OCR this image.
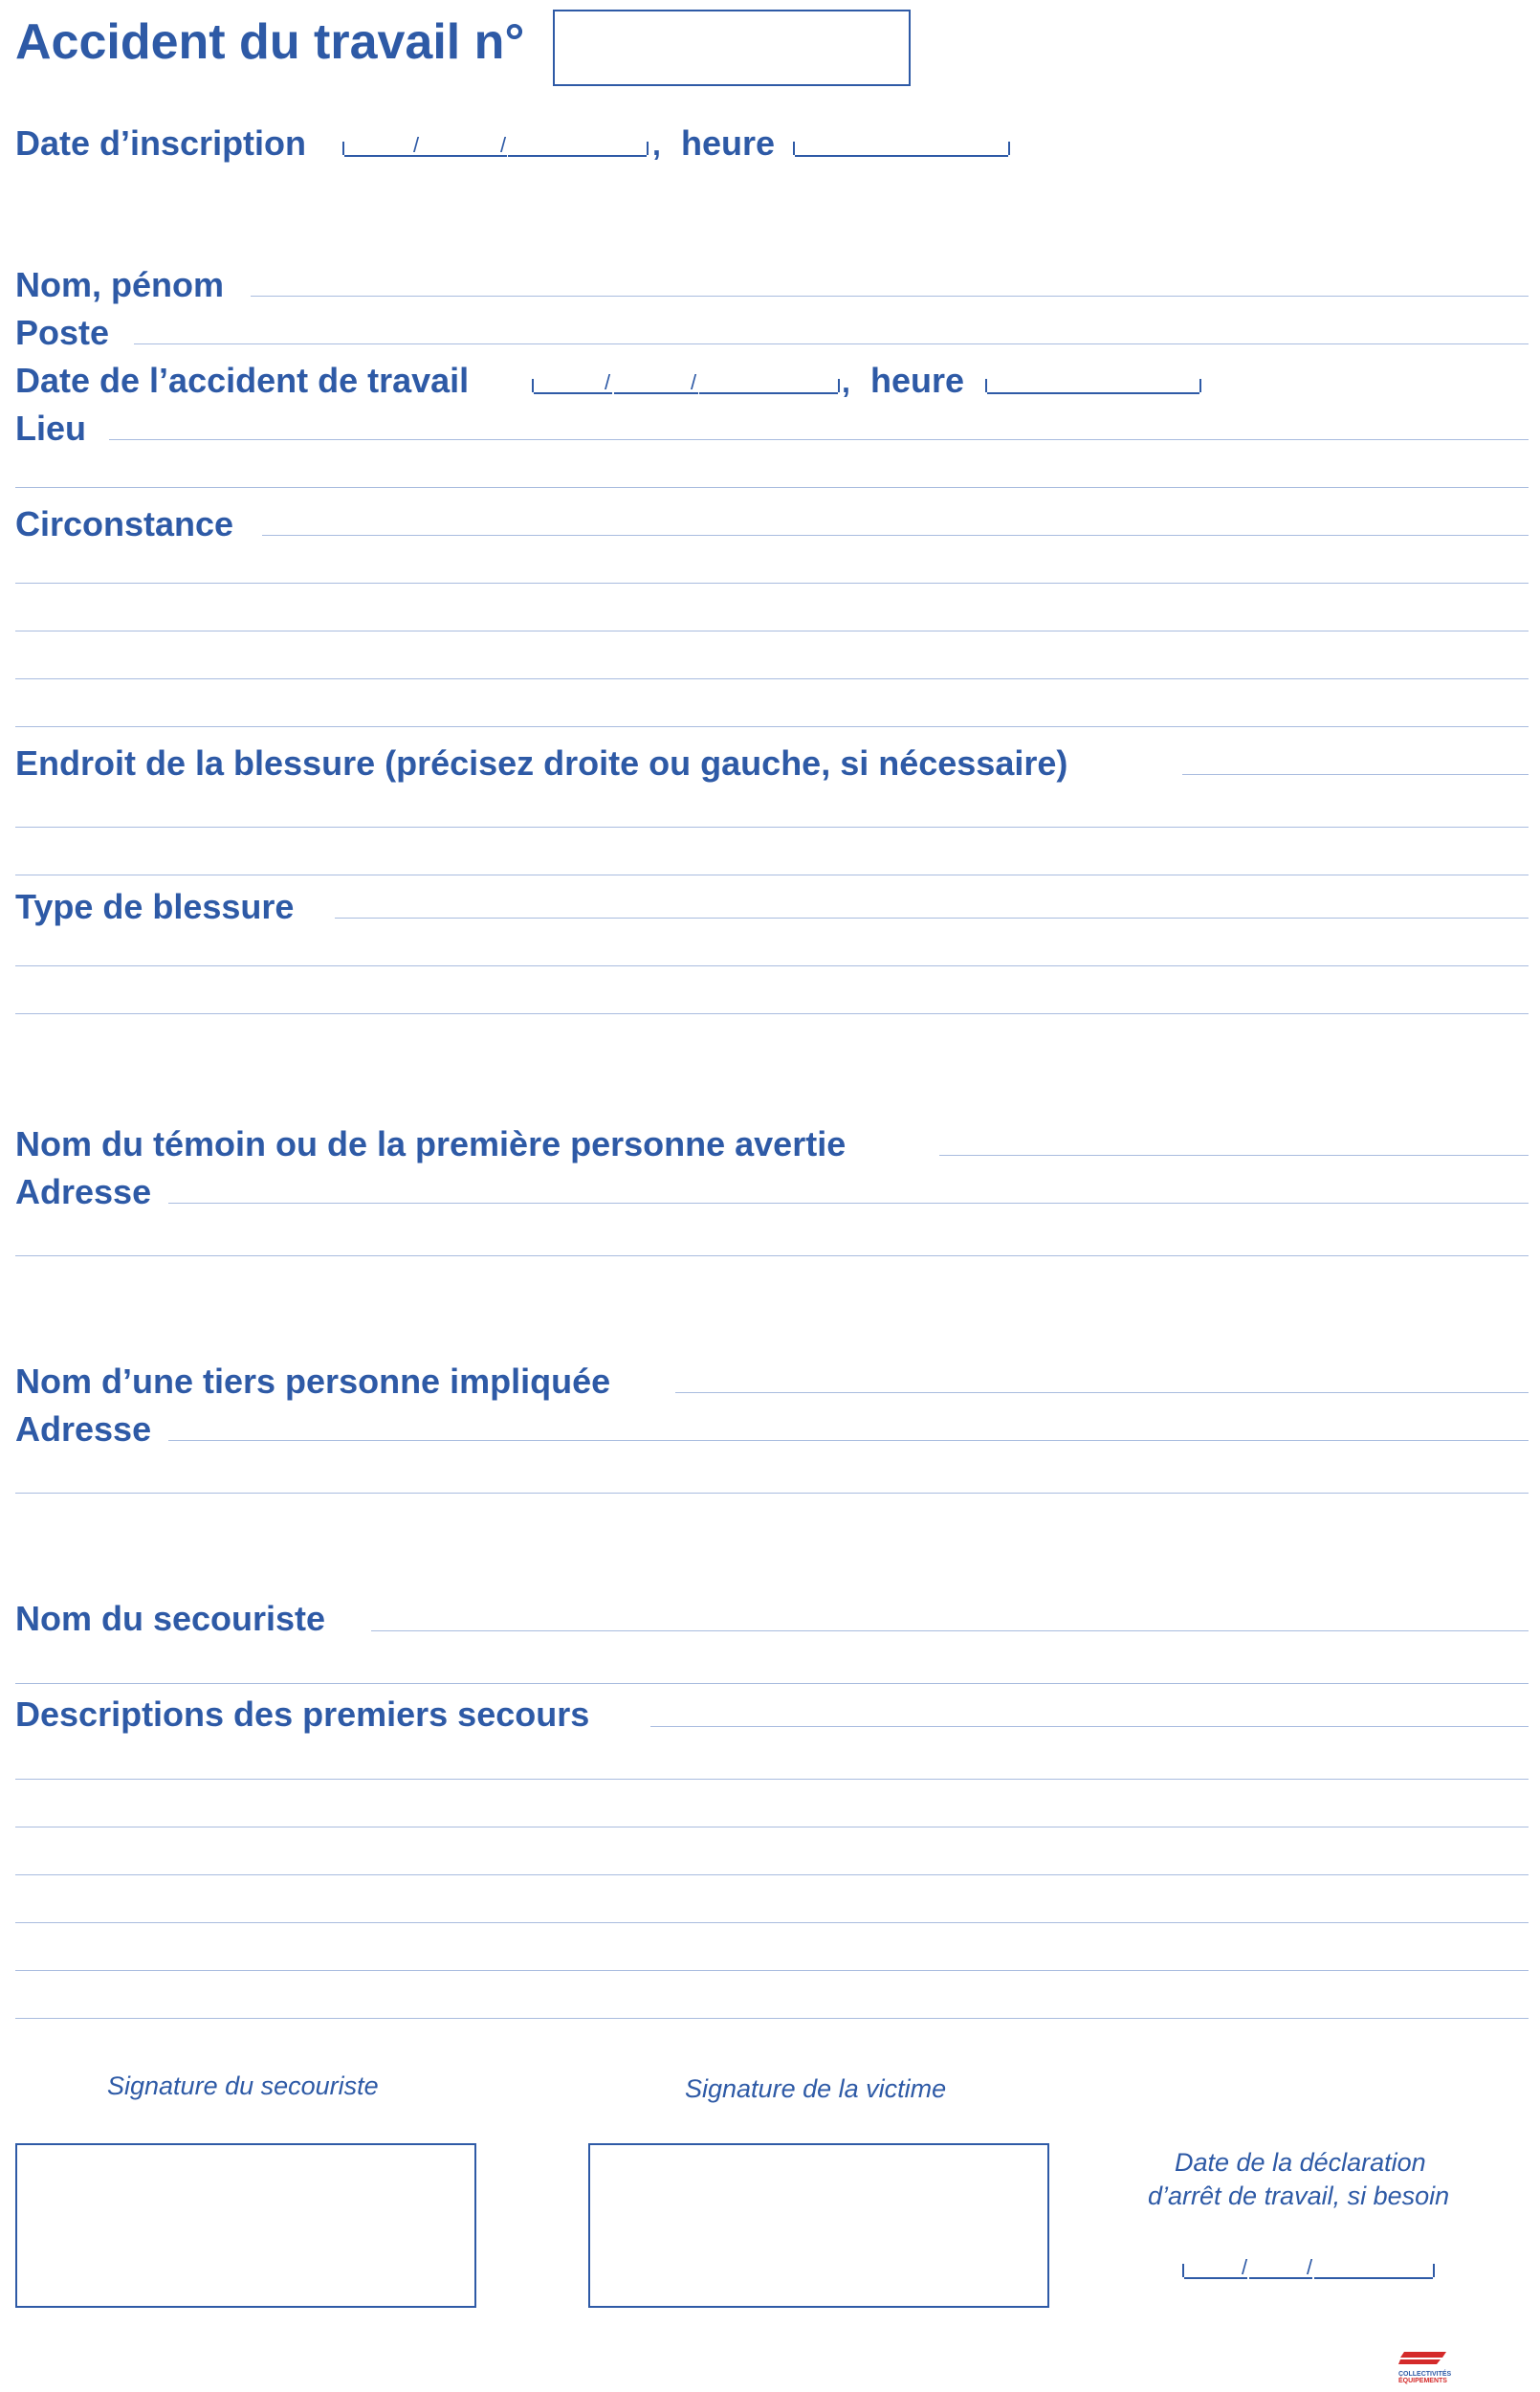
Accident du travail n°
Date d’inscription	/	/	, heure
Nom, pénom
Poste
Date de l’accident de travail	/	/	, heure
Lieu
Circonstance
Endroit de la blessure (précisez droite ou gauche, si nécessaire)
Type de blessure
Nom du témoin ou de la première personne avertie
Adresse
Nom d’une tiers personne impliquée
Adresse
Nom du secouriste
Descriptions des premiers secours
Signature du secouriste	Signature de la victime
Date de la déclaration
d’arrêt de travail, si besoin
/	/
COLLECTIVITÉS
ÉQUIPEMENTS
